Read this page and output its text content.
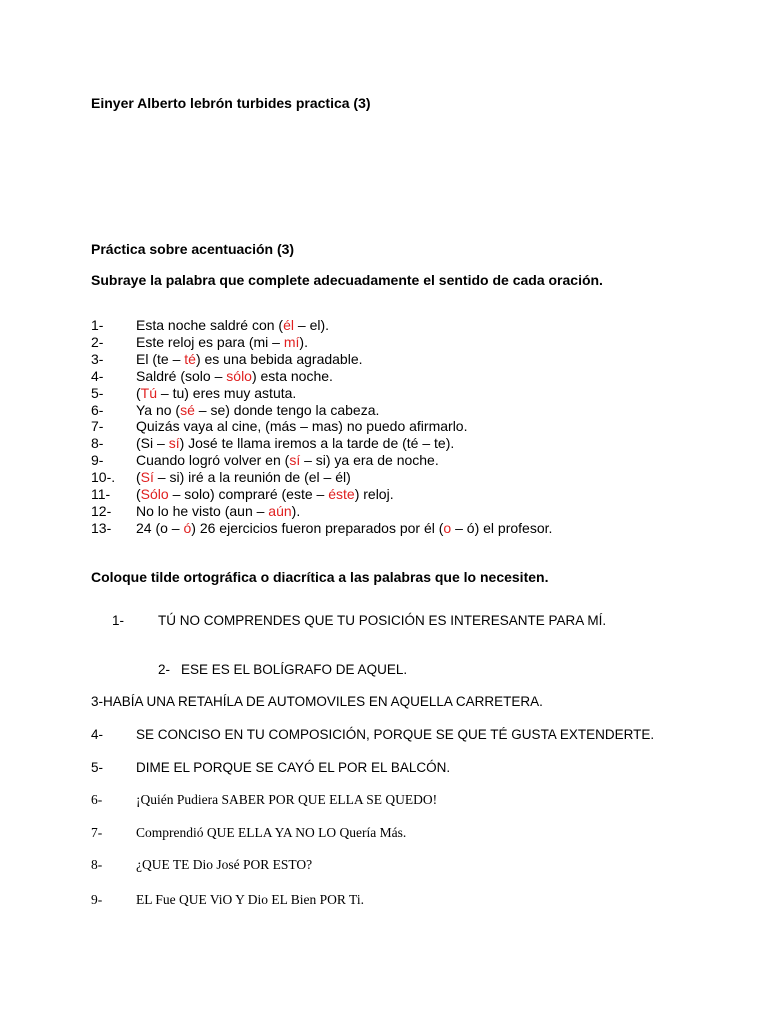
Einyer Alberto lebrón turbides practica (3)
Práctica sobre acentuación (3)
Subraye la palabra que complete adecuadamente el sentido de cada oración.
1- Esta noche saldré con (él – el).
2- Este reloj es para (mi – mí).
3- El (te – té) es una bebida agradable.
4- Saldré (solo – sólo) esta noche.
5- (Tú – tu) eres muy astuta.
6- Ya no (sé – se) donde tengo la cabeza.
7- Quizás vaya al cine, (más – mas) no puedo afirmarlo.
8- (Si – sí) José te llama iremos a la tarde de (té – te).
9- Cuando logró volver en (sí – si) ya era de noche.
10-. (Sí – si) iré a la reunión de (el – él)
11- (Sólo – solo) compraré (este – éste) reloj.
12- No lo he visto (aun – aún).
13- 24 (o – ó) 26 ejercicios fueron preparados por él (o – ó) el profesor.
Coloque tilde ortográfica o diacrítica a las palabras que lo necesiten.
1-	TÚ NO COMPRENDES QUE TU POSICIÓN ES INTERESANTE PARA MÍ.
2- ESE ES EL BOLÍGRAFO DE AQUEL.
3-HABÍA UNA RETAHÍLA DE AUTOMOVILES EN AQUELLA CARRETERA.
4- SE CONCISO EN TU COMPOSICIÓN, PORQUE SE QUE TÉ GUSTA EXTENDERTE.
5- DIME EL PORQUE SE CAYÓ EL POR EL BALCÓN.
6-	¡Quién Pudiera SABER POR QUE ELLA SE QUEDO!
7-	Comprendió QUE ELLA YA NO LO Quería Más.
8-	¿QUE TE Dio José POR ESTO?
9-	EL Fue QUE ViO Y Dio EL Bien POR Ti.
